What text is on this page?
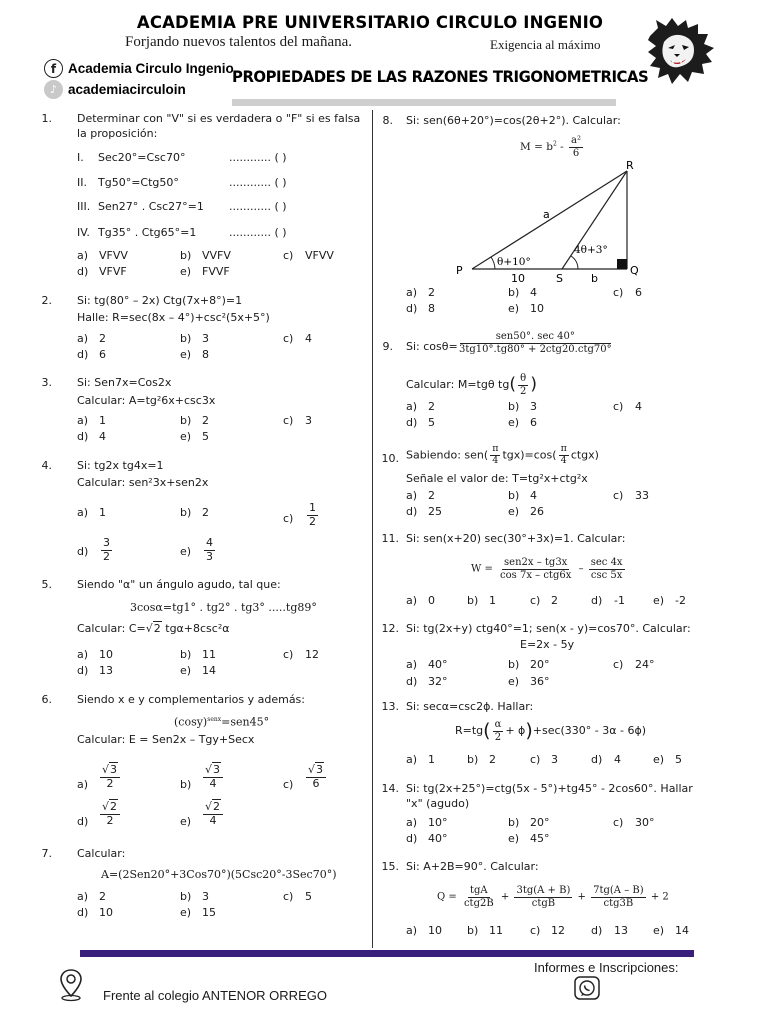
ACADEMIA PRE UNIVERSITARIO CIRCULO INGENIO
Forjando nuevos talentos del mañana.	Exigencia al máximo
f Academia Circulo Ingenio
♪ academiacirculoin
PROPIEDADES DE LAS RAZONES TRIGONOMETRICAS
1. Determinar con "V" si es verdadera o "F" si es falsa la proposición:
I. Sec20°=Csc70°	............ ( )
II. Tg50°=Ctg50°	............ ( )
III. Sen27° . Csc27°=1 ............ ( )
IV. Tg35° . Ctg65°=1	............ ( )
a) VFVV	b) VVFV	c) VFVV
d) VFVF	e) FVVF
2. Si: tg(80° – 2x) Ctg(7x+8°)=1
Halle: R=sec(8x – 4°)+csc²(5x+5°)
a) 2	b) 3	c) 4
d) 6	e) 8
3. Si: Sen7x=Cos2x
Calcular: A=tg²6x+csc3x
a) 1	b) 2	c) 3
d) 4	e) 5
4. Si: tg2x tg4x=1
Calcular: sen²3x+sen2x
a) 1	b) 2	$c) \frac{1}{2}$
$d) \frac{3}{2}$	$e) \frac{4}{3}$
5. Siendo "α" un ángulo agudo, tal que:
3cosα=tg1° . tg2° . tg3° .....tg89°
Calcular: C=√2 tgα+8csc²α
a) 10	b) 11	c) 12
d) 13	e) 14
6. Siendo x e y complementarios y además:
$(\cos y)^{senx}=sen45^\circ$
Calcular: E = Sen2x – Tgy+Secx
$a) \frac{√3}{2}$	$b) \frac{√3}{4}$	$c) \frac{√3}{6}$
$d) \frac{√2}{2}$	$e) \frac{√2}{4}$
7. Calcular:
A=(2Sen20°+3Cos70°)(5Csc20°-3Sec70°)
a) 2	b) 3	c) 5
d) 10	e) 15
8. Si: sen(6θ+20°)=cos(2θ+2°). Calcular:
$M = b^2 - \frac{\text{a²}}{6}$
R
P
S
Q
a
b
10
θ+10°
4θ+3°
a) 2	b) 4	c) 6
d) 8	e) 10
9. Si: $\cos\theta= \frac{\text{sen50°. sec 40°}}{\text{3tg10°.tg80° + 2ctg20.ctg70°}}$
Calcular: M=tgθ $tg( \frac{\theta}{2}$ )
a) 2	b) 3	c) 4
d) 5	e) 6
10. Sabiendo: $sen( \frac{\pi}{4} tgx)=\cos( \frac{\pi}{4}$ ctgx)
Señale el valor de: T=tg²x+ctg²x
a) 2	b) 4	c) 33
d) 25	e) 26
11. Si: sen(x+20) sec(30°+3x)=1. Calcular:
$W = \frac{\text{sen2x – tg3x}}{\text{cos 7x – ctg6x}} - \frac{\sec 4x}{\csc 5x}$
a) 0	b) 1	c) 2	d) -1	e) -2
12. Si: tg(2x+y) ctg40°=1; sen(x - y)=cos70°. Calcular:
E=2x - 5y
a) 40°	b) 20°	c) 24°
d) 32°	e) 36°
13. Si: secα=csc2ϕ. Hallar:
$R=tg( \frac{\alpha}{2} + \phi)+\sec(330^\circ - 3\alpha - 6\phi)$
a) 1	b) 2	c) 3	d) 4	e) 5
14. Si: tg(2x+25°)=ctg(5x - 5°)+tg45° - 2cos60°. Hallar
"x" (agudo)
a) 10°	b) 20°	c) 30°
d) 40°	e) 45°
15. Si: A+2B=90°. Calcular:
$Q = \frac{\text{tgA}}{\text{ctg2B}} + \frac{3tg(A + B)}{\text{ctgB}} + \frac{7tg(A - B)}{\text{ctg3B}} + 2$
a) 10 b) 11 c) 12 d) 13 e) 14
Informes e Inscripciones:
Frente al colegio ANTENOR ORREGO
